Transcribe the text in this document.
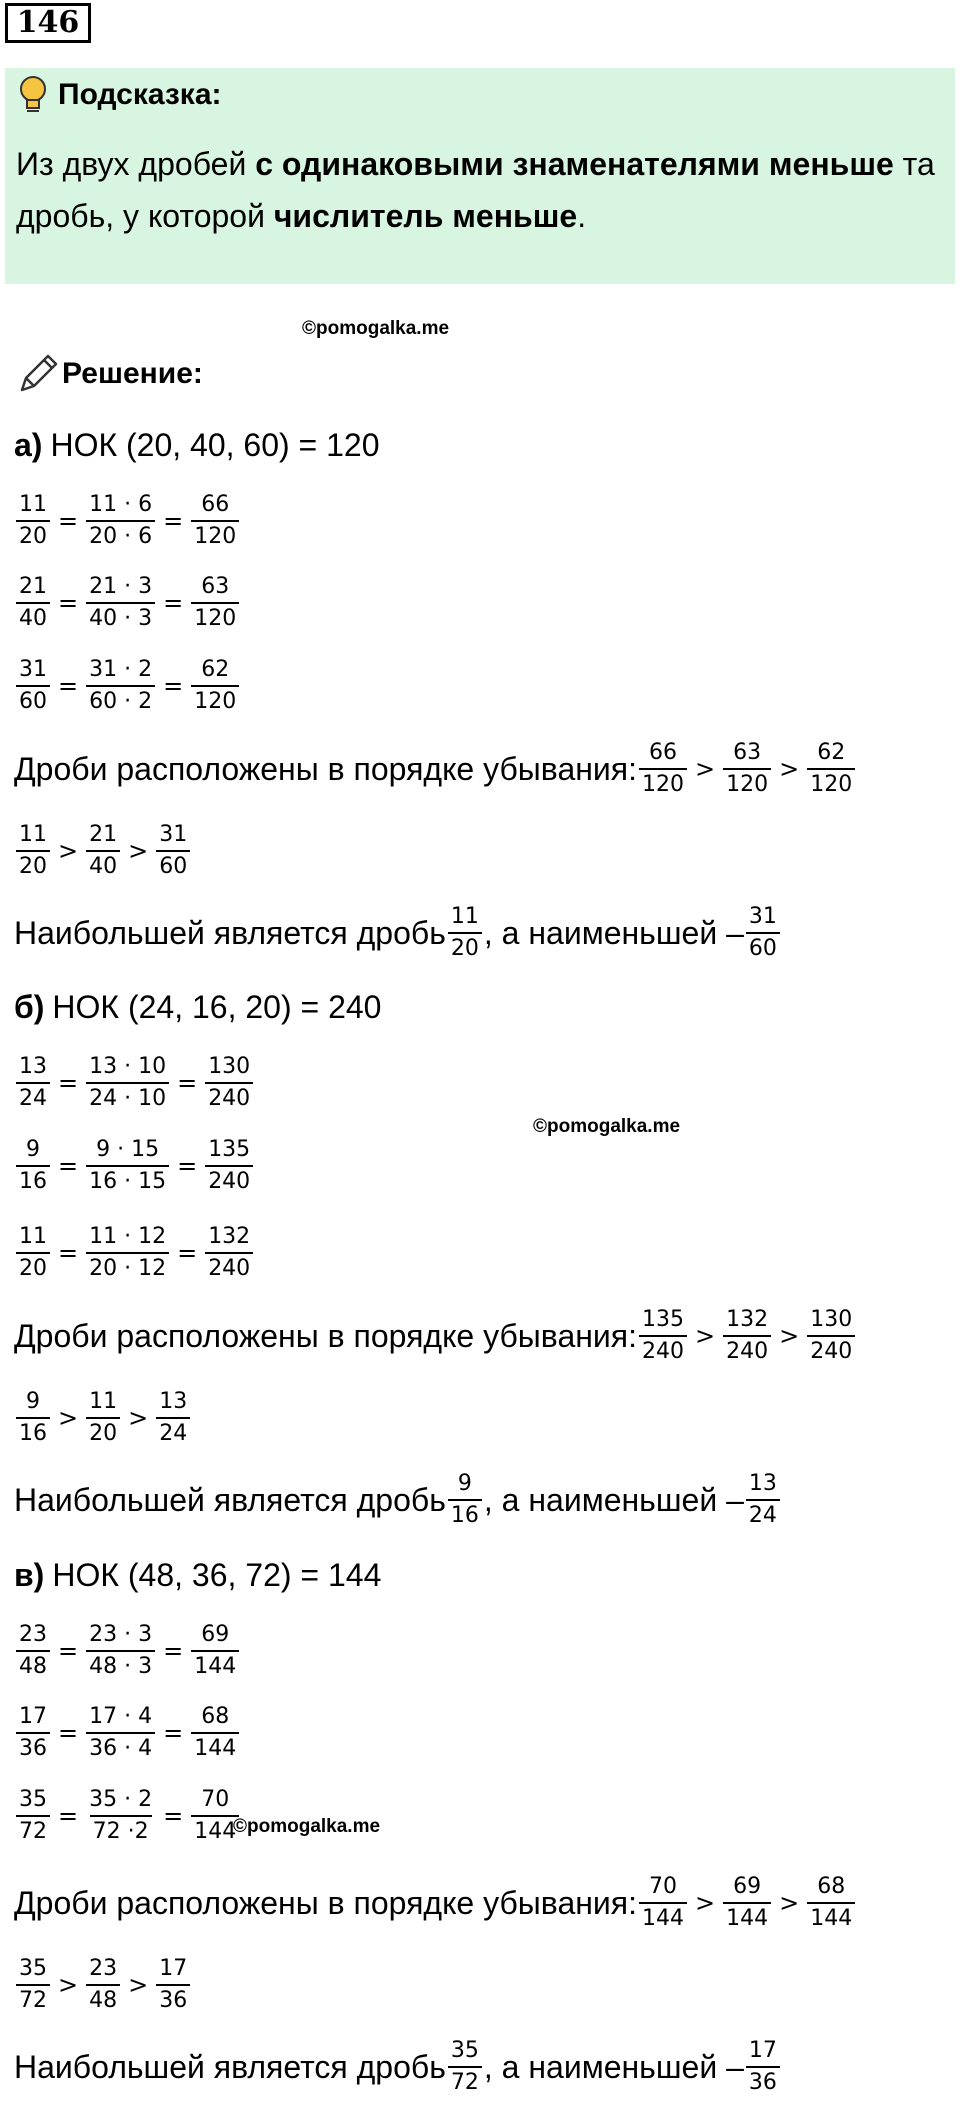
146
Подсказка:
Из двух дробей с одинаковыми знаменателями меньше та дробь, у которой числитель меньше.
©pomogalka.me
©pomogalka.me
©pomogalka.me
Решение:
а) НОК (20, 40, 60) = 120
$\frac{11}{20} = \frac{11 \cdot 6}{20 \cdot 6} = \frac{66}{120}$
$\frac{21}{40} = \frac{21 \cdot 3}{40 \cdot 3} = \frac{63}{120}$
$\frac{31}{60} = \frac{31 \cdot 2}{60 \cdot 2} = \frac{62}{120}$
Дроби расположены в порядке убывания: $\frac{66}{120} > \frac{63}{120} > \frac{62}{120}$
$\frac{11}{20} > \frac{21}{40} > \frac{31}{60}$
Наибольшей является дробь $\frac{11}{20}$ , а наименьшей – $\frac{31}{60}$
б) НОК (24, 16, 20) = 240
$\frac{13}{24} = \frac{13 \cdot 10}{24 \cdot 10} = \frac{130}{240}$
$\frac{9}{16} = \frac{9 \cdot 15}{16 \cdot 15} = \frac{135}{240}$
$\frac{11}{20} = \frac{11 \cdot 12}{20 \cdot 12} = \frac{132}{240}$
Дроби расположены в порядке убывания: $\frac{135}{240} > \frac{132}{240} > \frac{130}{240}$
$\frac{9}{16} > \frac{11}{20} > \frac{13}{24}$
Наибольшей является дробь $\frac{9}{16}$ , а наименьшей – $\frac{13}{24}$
в) НОК (48, 36, 72) = 144
$\frac{23}{48} = \frac{23 \cdot 3}{48 \cdot 3} = \frac{69}{144}$
$\frac{17}{36} = \frac{17 \cdot 4}{36 \cdot 4} = \frac{68}{144}$
$\frac{35}{72} = \frac{35 \cdot 2}{72 \cdot 2} = \frac{70}{144}$
Дроби расположены в порядке убывания: $\frac{70}{144} > \frac{69}{144} > \frac{68}{144}$
$\frac{35}{72} > \frac{23}{48} > \frac{17}{36}$
Наибольшей является дробь $\frac{35}{72}$ , а наименьшей – $\frac{17}{36}$
